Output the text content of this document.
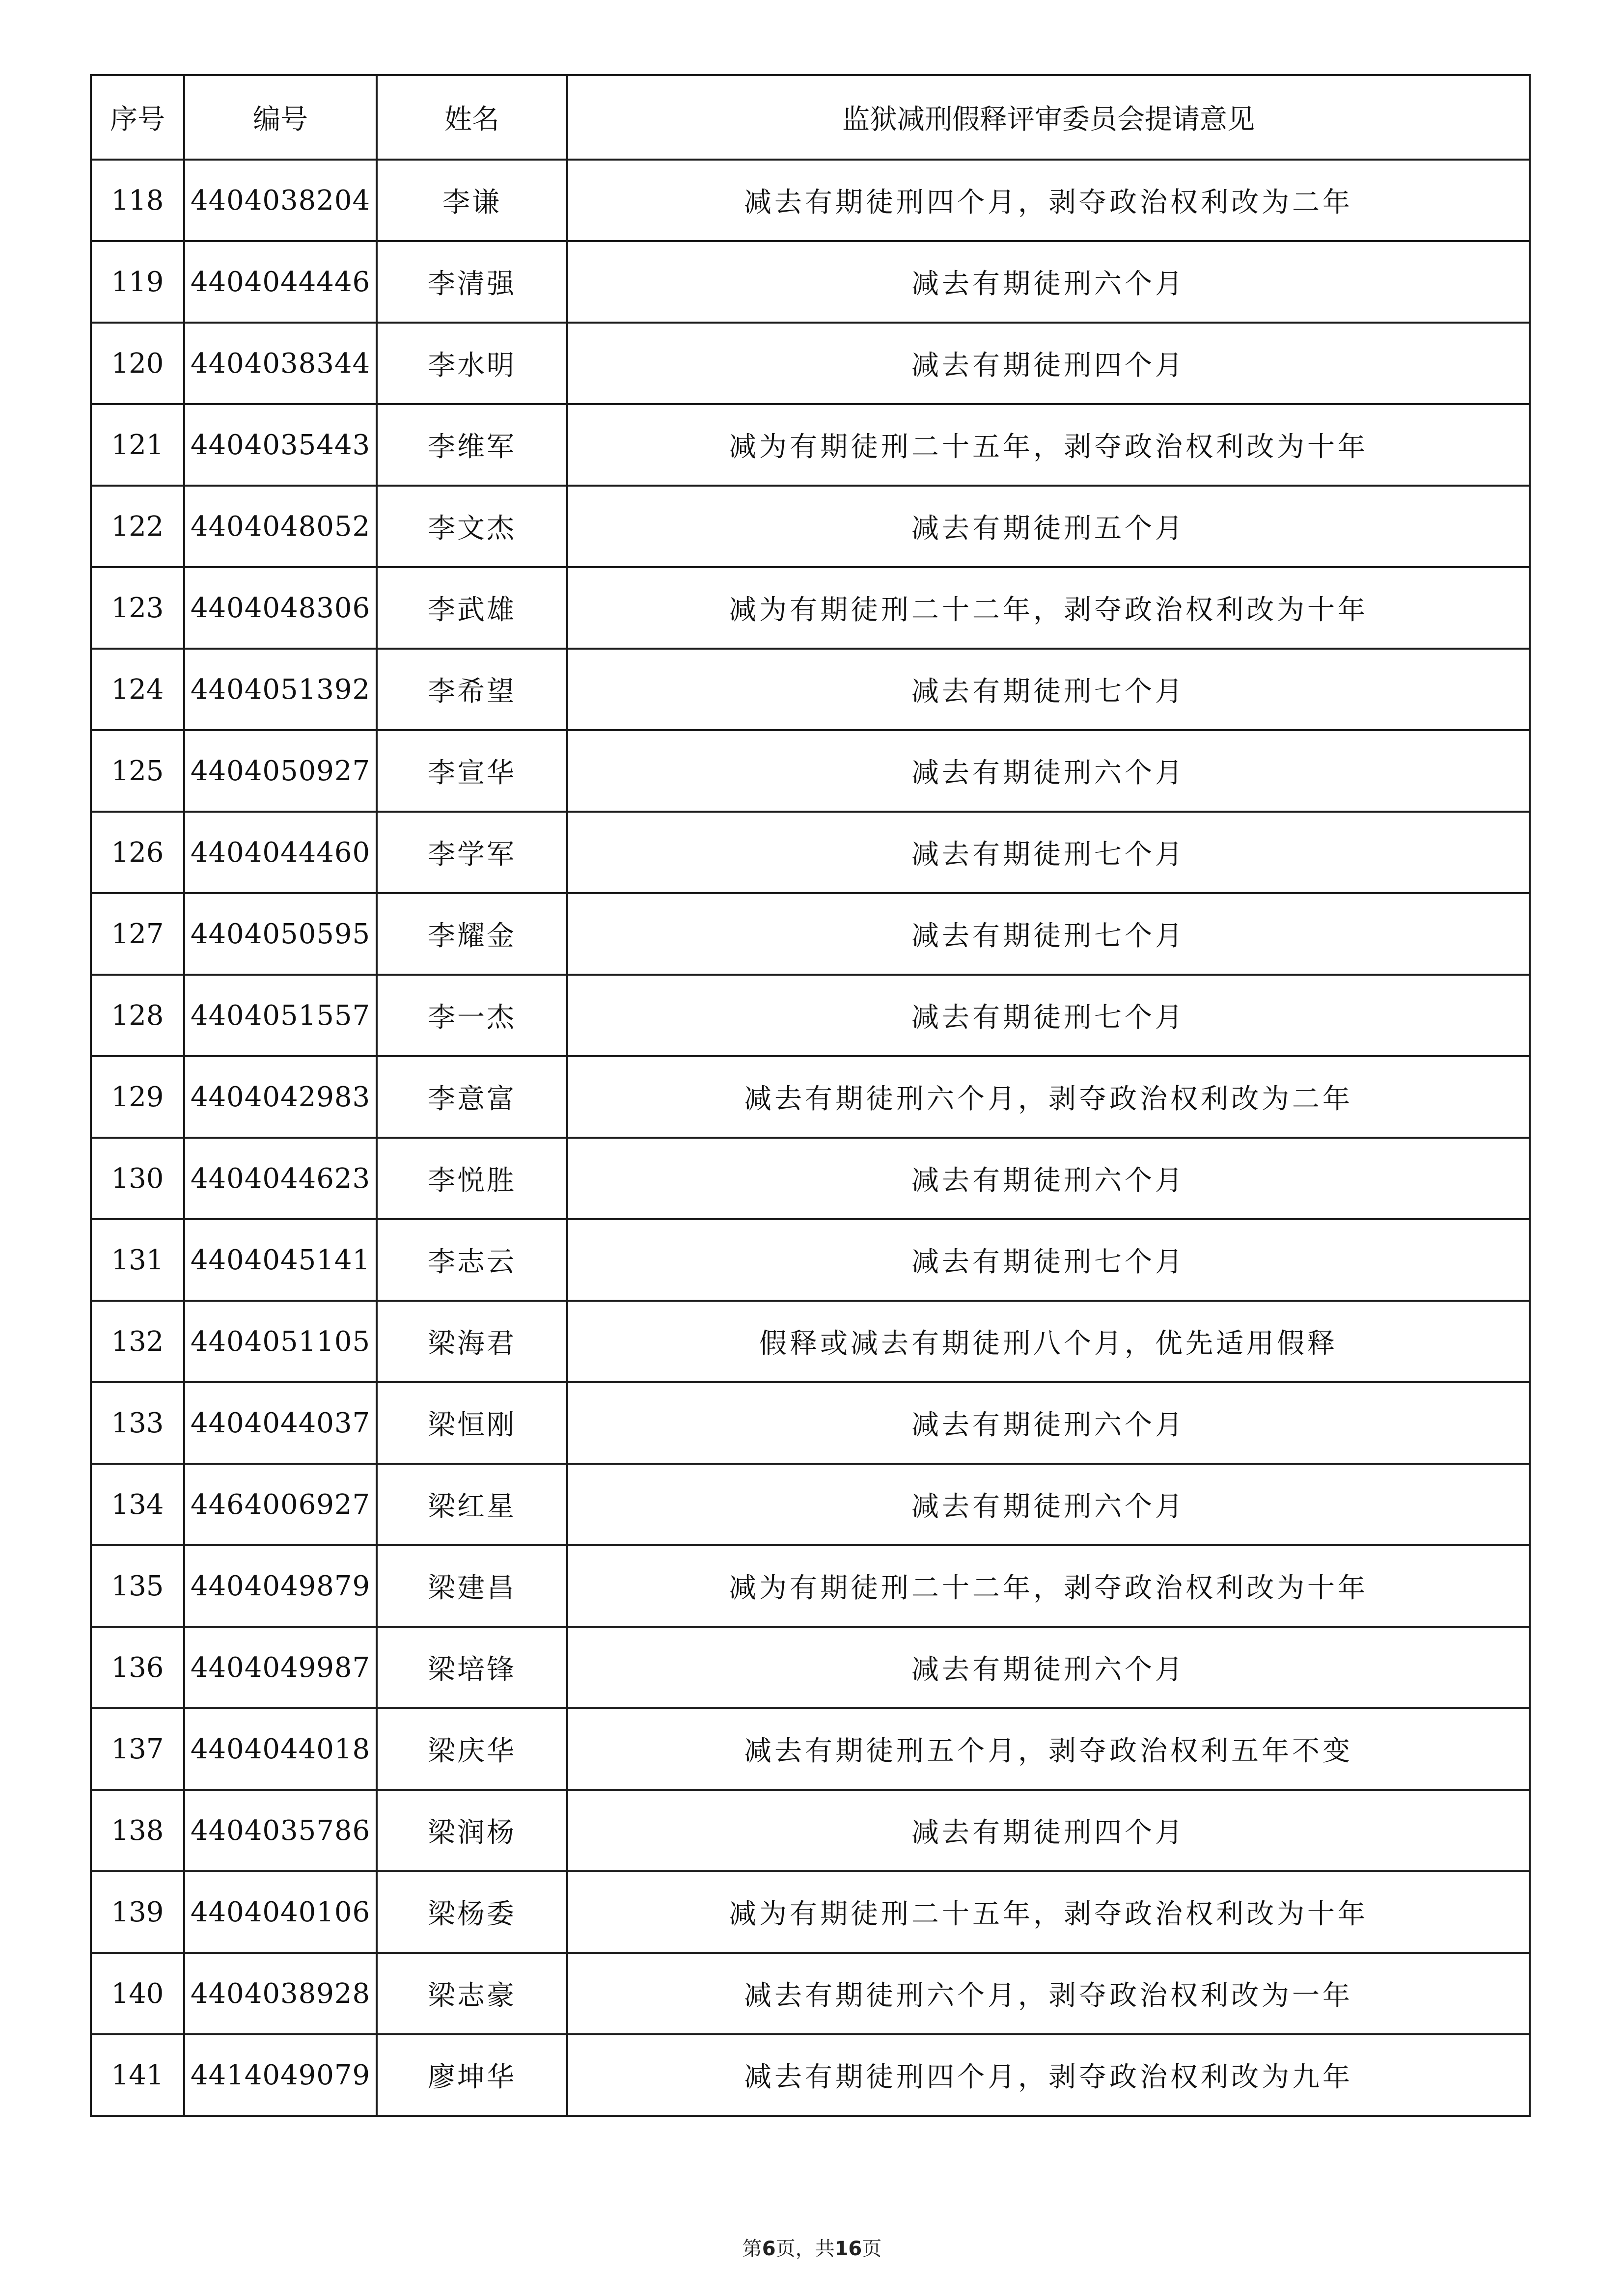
序号	编号	姓名	监狱减刑假释评审委员会提请意见
118	4404038204	李谦	减去有期徒刑四个月，剥夺政治权利改为二年
119	4404044446	李清强	减去有期徒刑六个月
120	4404038344	李水明	减去有期徒刑四个月
121	4404035443	李维军	减为有期徒刑二十五年，剥夺政治权利改为十年
122	4404048052	李文杰	减去有期徒刑五个月
123	4404048306	李武雄	减为有期徒刑二十二年，剥夺政治权利改为十年
124	4404051392	李希望	减去有期徒刑七个月
125	4404050927	李宣华	减去有期徒刑六个月
126	4404044460	李学军	减去有期徒刑七个月
127	4404050595	李耀金	减去有期徒刑七个月
128	4404051557	李一杰	减去有期徒刑七个月
129	4404042983	李意富	减去有期徒刑六个月，剥夺政治权利改为二年
130	4404044623	李悦胜	减去有期徒刑六个月
131	4404045141	李志云	减去有期徒刑七个月
132	4404051105	梁海君	假释或减去有期徒刑八个月，优先适用假释
133	4404044037	梁恒刚	减去有期徒刑六个月
134	4464006927	梁红星	减去有期徒刑六个月
135	4404049879	梁建昌	减为有期徒刑二十二年，剥夺政治权利改为十年
136	4404049987	梁培锋	减去有期徒刑六个月
137	4404044018	梁庆华	减去有期徒刑五个月，剥夺政治权利五年不变
138	4404035786	梁润杨	减去有期徒刑四个月
139	4404040106	梁杨委	减为有期徒刑二十五年，剥夺政治权利改为十年
140	4404038928	梁志豪	减去有期徒刑六个月，剥夺政治权利改为一年
141	4414049079	廖坤华	减去有期徒刑四个月，剥夺政治权利改为九年
第6页，共16页
